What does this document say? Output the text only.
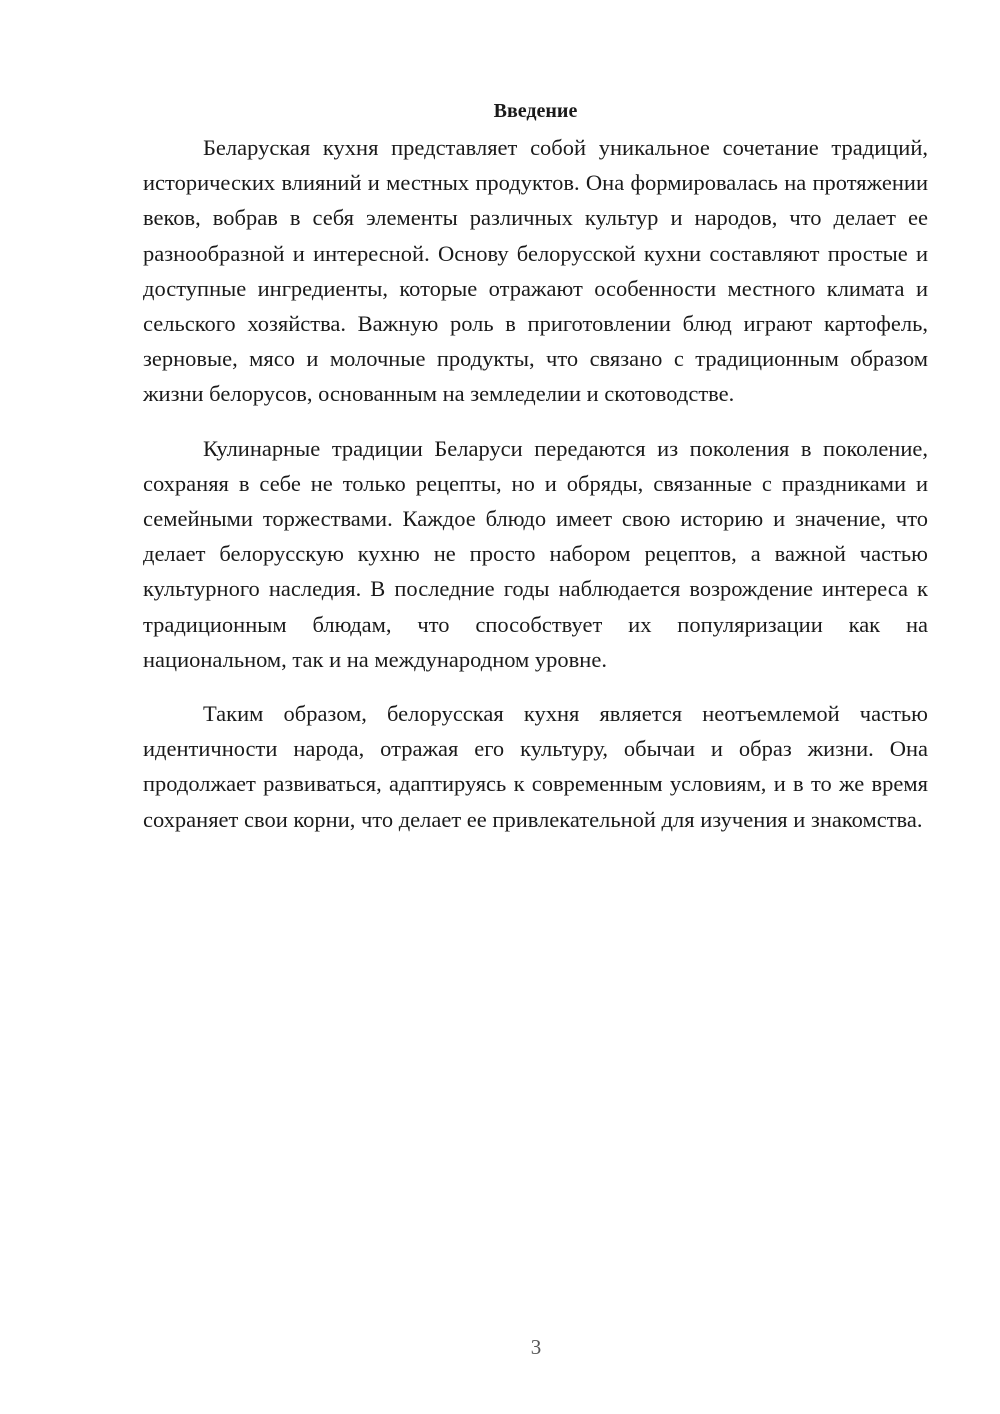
Введение

Беларуская кухня представляет собой уникальное сочетание традиций, исторических влияний и местных продуктов. Она формировалась на протяжении веков, вобрав в себя элементы различных культур и народов, что делает ее разнообразной и интересной. Основу белорусской кухни составляют простые и доступные ингредиенты, которые отражают особенности местного климата и сельского хозяйства. Важную роль в приготовлении блюд играют картофель, зерновые, мясо и молочные продукты, что связано с традиционным образом жизни белорусов, основанным на земледелии и скотоводстве.

Кулинарные традиции Беларуси передаются из поколения в поколение, сохраняя в себе не только рецепты, но и обряды, связанные с праздниками и семейными торжествами. Каждое блюдо имеет свою историю и значение, что делает белорусскую кухню не просто набором рецептов, а важной частью культурного наследия. В последние годы наблюдается возрождение интереса к традиционным блюдам, что способствует их популяризации как на национальном, так и на международном уровне.

Таким образом, белорусская кухня является неотъемлемой частью идентичности народа, отражая его культуру, обычаи и образ жизни. Она продолжает развиваться, адаптируясь к современным условиям, и в то же время сохраняет свои корни, что делает ее привлекательной для изучения и знакомства.

3
